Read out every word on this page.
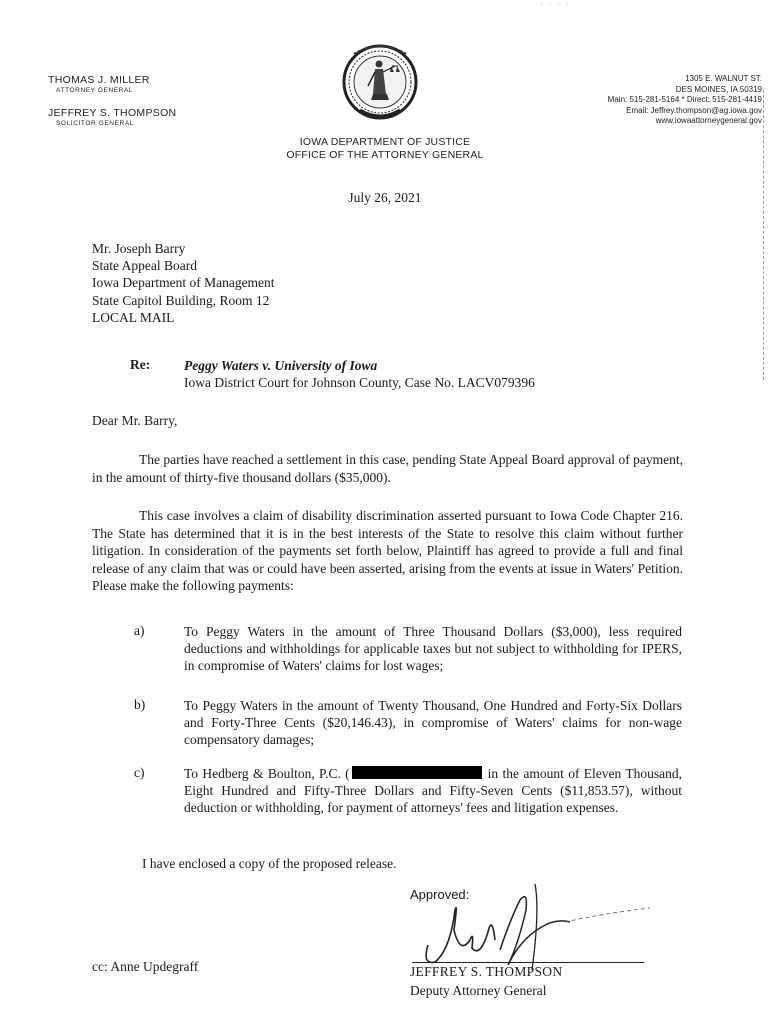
· · · ·
THOMAS J. MILLER
ATTORNEY GENERAL
JEFFREY S. THOMPSON
SOLICITOR GENERAL
IOWA DEPARTMENT OF JUSTICE
OFFICE OF THE ATTORNEY GENERAL
1305 E. WALNUT ST.
DES MOINES, IA 50319
Main: 515-281-5164 * Direct: 515-281-4419
Email: Jeffrey.thompson@ag.iowa.gov
www.iowaattorneygeneral.gov
July 26, 2021
Mr. Joseph Barry
State Appeal Board
Iowa Department of Management
State Capitol Building, Room 12
LOCAL MAIL
Re:	Peggy Waters v. University of Iowa
Iowa District Court for Johnson County, Case No. LACV079396
Dear Mr. Barry,
The parties have reached a settlement in this case, pending State Appeal Board approval of payment, in the amount of thirty-five thousand dollars ($35,000).
This case involves a claim of disability discrimination asserted pursuant to Iowa Code Chapter 216. The State has determined that it is in the best interests of the State to resolve this claim without further litigation. In consideration of the payments set forth below, Plaintiff has agreed to provide a full and final release of any claim that was or could have been asserted, arising from the events at issue in Waters' Petition. Please make the following payments:
a)	To Peggy Waters in the amount of Three Thousand Dollars ($3,000), less required deductions and withholdings for applicable taxes but not subject to withholding for IPERS, in compromise of Waters' claims for lost wages;
b)	To Peggy Waters in the amount of Twenty Thousand, One Hundred and Forty-Six Dollars and Forty-Three Cents ($20,146.43), in compromise of Waters' claims for non-wage compensatory damages;
c)	To Hedberg & Boulton, P.C. (	in the amount of Eleven Thousand, Eight Hundred and Fifty-Three Dollars and Fifty-Seven Cents ($11,853.57), without deduction or withholding, for payment of attorneys' fees and litigation expenses.
I have enclosed a copy of the proposed release.
Approved:
JEFFREY S. THOMPSON
Deputy Attorney General
cc: Anne Updegraff
